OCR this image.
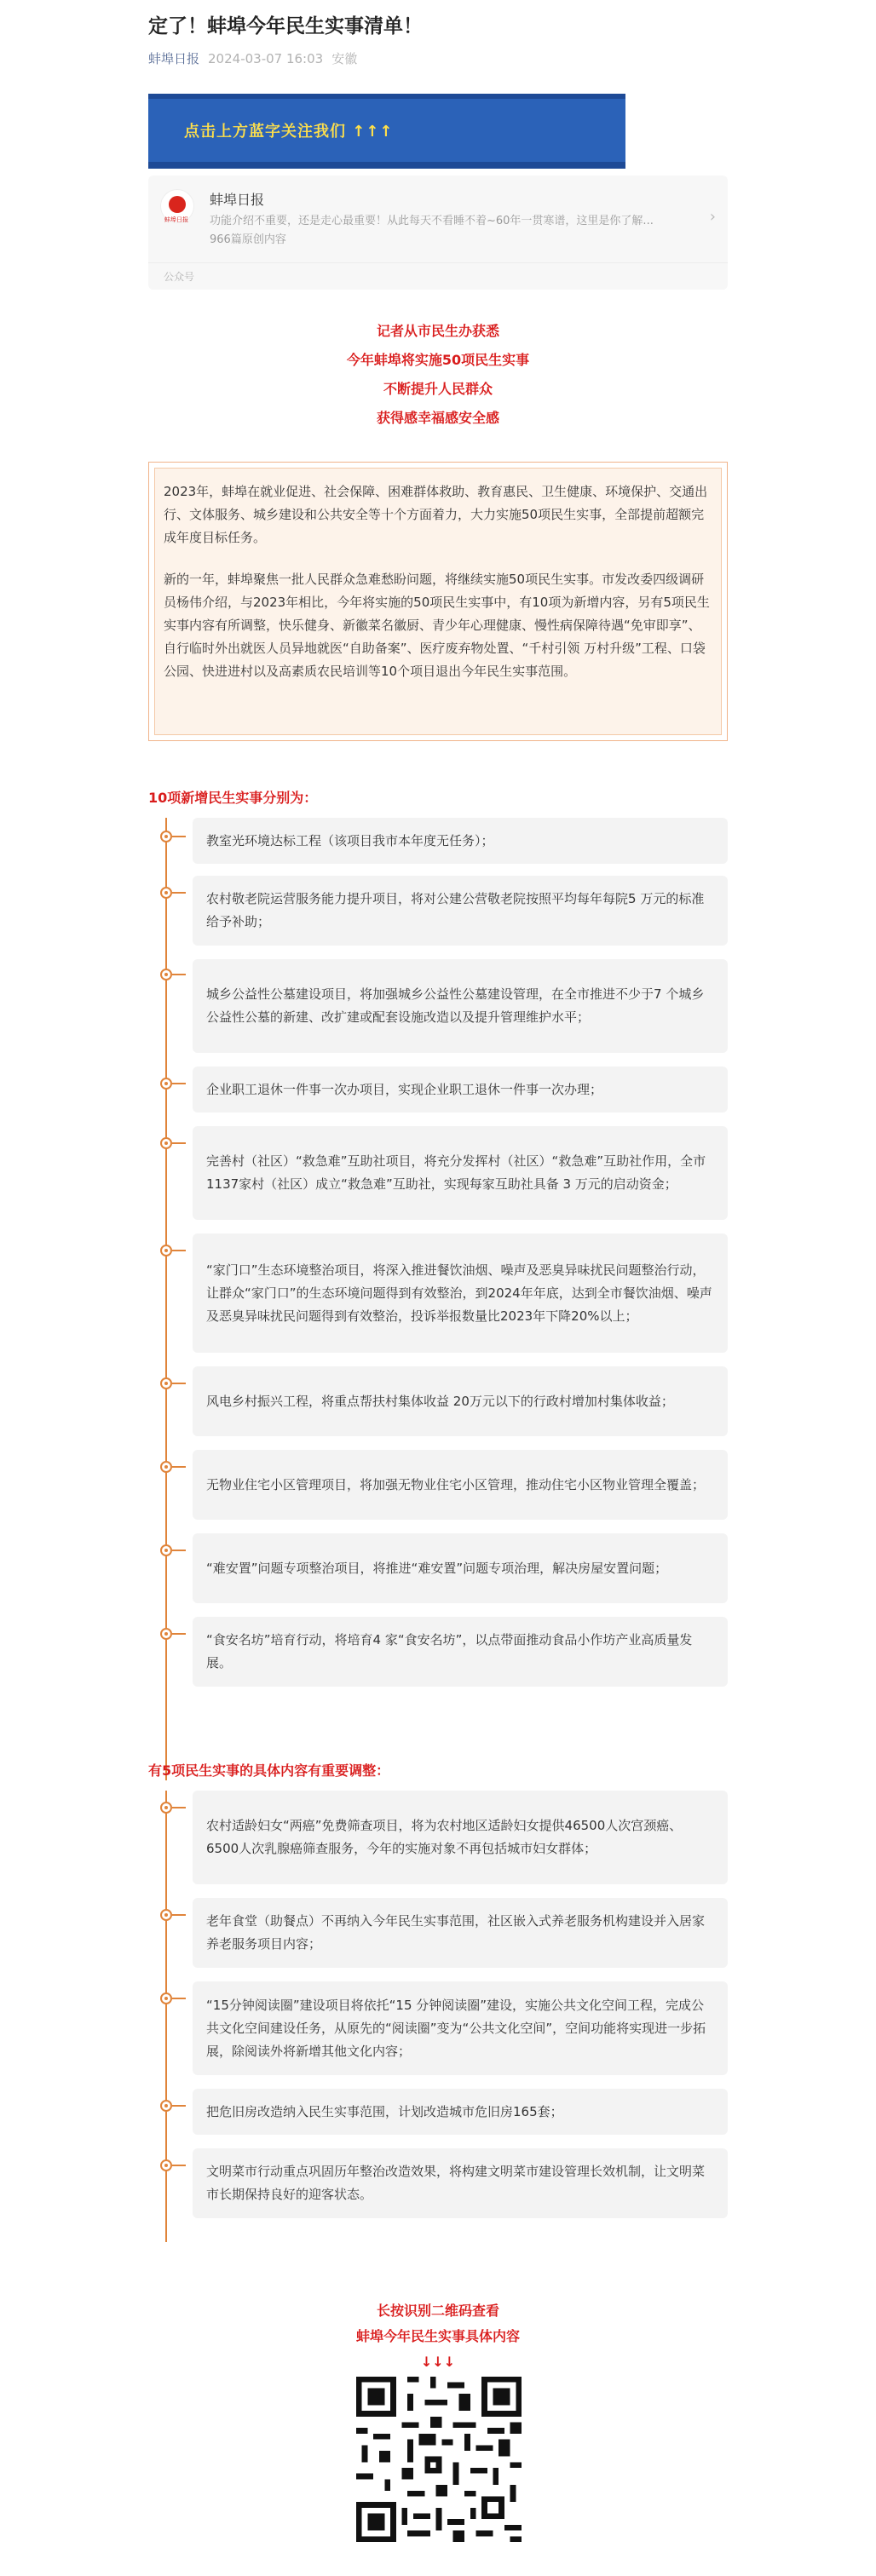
定了！蚌埠今年民生实事清单！
蚌埠日报 2024-03-07 16:03 安徽
点击上方蓝字关注我们 ↑↑↑
蚌埠日报
蚌埠日报
功能介绍不重要，还是走心最重要！从此每天不看睡不着~60年一贯寒谱，这里是你了解...
966篇原创内容
›
公众号
记者从市民生办获悉
今年蚌埠将实施50项民生实事
不断提升人民群众
获得感幸福感安全感

2023年，蚌埠在就业促进、社会保障、困难群体救助、教育惠民、卫生健康、环境保护、交通出行、文体服务、城乡建设和公共安全等十个方面着力，大力实施50项民生实事，全部提前超额完成年度目标任务。

新的一年，蚌埠聚焦一批人民群众急难愁盼问题，将继续实施50项民生实事。市发改委四级调研员杨伟介绍，与2023年相比，今年将实施的50项民生实事中，有10项为新增内容，另有5项民生实事内容有所调整，快乐健身、新徽菜名徽厨、青少年心理健康、慢性病保障待遇“免审即享”、自行临时外出就医人员异地就医“自助备案”、医疗废弃物处置、“千村引领 万村升级”工程、口袋公园、快进进村以及高素质农民培训等10个项目退出今年民生实事范围。

10项新增民生实事分别为：
教室光环境达标工程（该项目我市本年度无任务）；
农村敬老院运营服务能力提升项目，将对公建公营敬老院按照平均每年每院5 万元的标准给予补助；
城乡公益性公墓建设项目，将加强城乡公益性公墓建设管理，在全市推进不少于7 个城乡公益性公墓的新建、改扩建或配套设施改造以及提升管理维护水平；
企业职工退休一件事一次办项目，实现企业职工退休一件事一次办理；
完善村（社区）“救急难”互助社项目，将充分发挥村（社区）“救急难”互助社作用，全市1137家村（社区）成立“救急难”互助社，实现每家互助社具备 3 万元的启动资金；
“家门口”生态环境整治项目，将深入推进餐饮油烟、噪声及恶臭异味扰民问题整治行动，让群众“家门口”的生态环境问题得到有效整治，到2024年年底，达到全市餐饮油烟、噪声及恶臭异味扰民问题得到有效整治，投诉举报数量比2023年下降20%以上；
风电乡村振兴工程，将重点帮扶村集体收益 20万元以下的行政村增加村集体收益；
无物业住宅小区管理项目，将加强无物业住宅小区管理，推动住宅小区物业管理全覆盖；
“难安置”问题专项整治项目，将推进“难安置”问题专项治理，解决房屋安置问题；
“食安名坊”培育行动，将培育4 家“食安名坊”，以点带面推动食品小作坊产业高质量发展。
有5项民生实事的具体内容有重要调整：
农村适龄妇女“两癌”免费筛查项目，将为农村地区适龄妇女提供46500人次宫颈癌、6500人次乳腺癌筛查服务，今年的实施对象不再包括城市妇女群体；
老年食堂（助餐点）不再纳入今年民生实事范围，社区嵌入式养老服务机构建设并入居家养老服务项目内容；
“15分钟阅读圈”建设项目将依托“15 分钟阅读圈”建设，实施公共文化空间工程，完成公共文化空间建设任务，从原先的“阅读圈”变为“公共文化空间”，空间功能将实现进一步拓展，除阅读外将新增其他文化内容；
把危旧房改造纳入民生实事范围，计划改造城市危旧房165套；
文明菜市行动重点巩固历年整治改造效果，将构建文明菜市建设管理长效机制，让文明菜市长期保持良好的迎客状态。
长按识别二维码查看
蚌埠今年民生实事具体内容
↓↓↓
